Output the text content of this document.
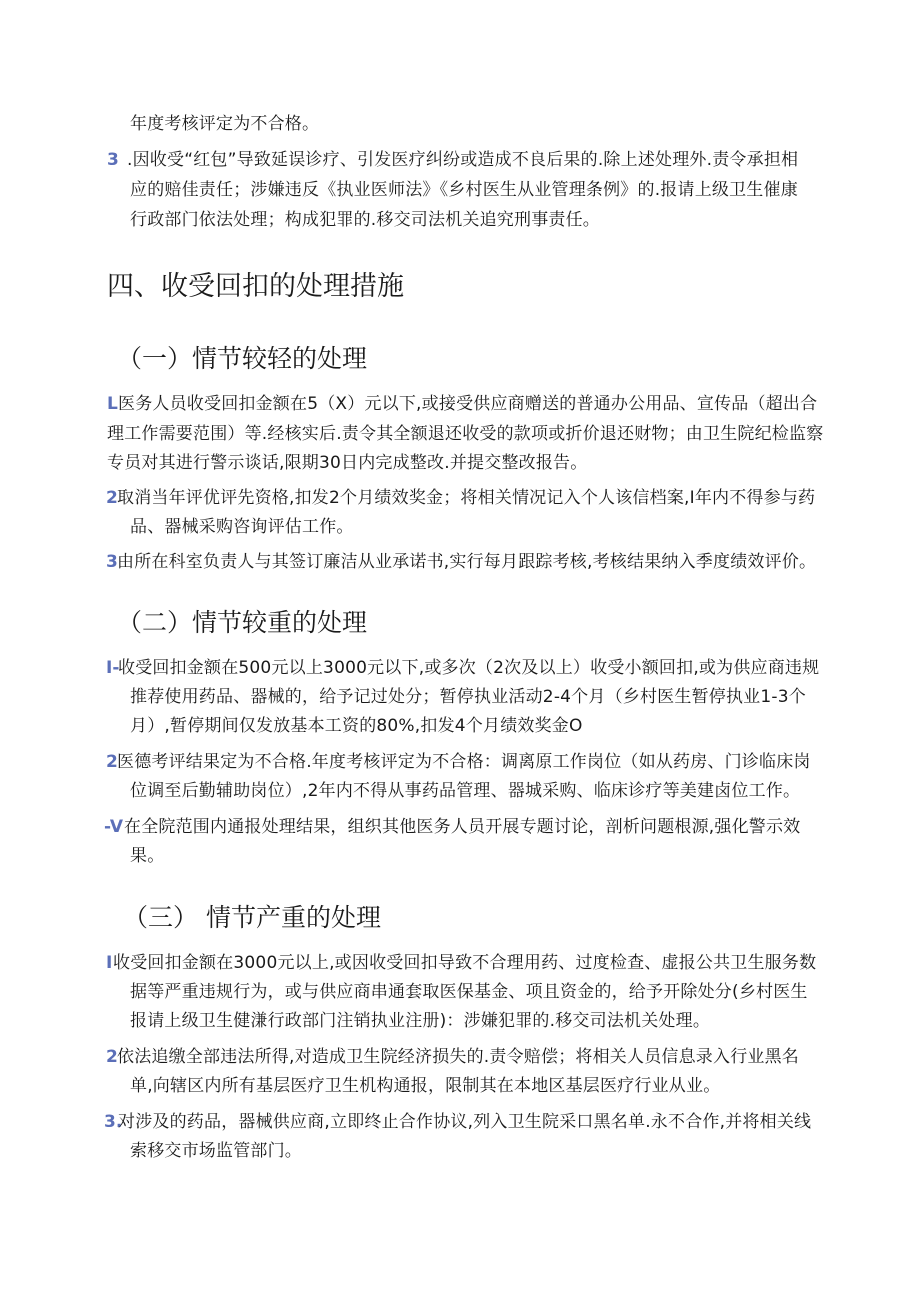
年度考核评定为不合格。
3 .因收受“红包”导致延误诊疗、引发医疗纠纷或造成不良后果的.除上述处理外.责令承担相
应的赔佳责任；涉嫌违反《执业医师法》《乡村医生从业管理条例》的.报请上级卫生催康
行政部门依法处理；构成犯罪的.移交司法机关追究刑事责任。
四、收受回扣的处理措施
（一）情节较轻的处理
L 医务人员收受回扣金额在5（X）元以下,或接受供应商赠送的普通办公用品、宣传品（超出合
理工作需要范围）等.经核实后.责令其全额退还收受的款项或折价退还财物；由卫生院纪检监察
专员对其进行警示谈话,限期30日内完成整改.并提交整改报告。
2 取消当年评优评先资格,扣发2个月绩效奖金；将相关情况记入个人该信档案,I年内不得参与药
品、器械采购咨询评估工作。
3 由所在科室负责人与其签订廉洁从业承诺书,实行每月跟踪考核,考核结果纳入季度绩效评价。
（二）情节较重的处理
I-
收受回扣金额在500元以上3000元以下,或多次（2次及以上）收受小额回扣,或为供应商违规
推荐使用药品、器械的，给予记过处分；暂停执业活动2-4个月（乡村医生暂停执业1-3个
月）,暂停期间仅发放基本工资的80%,扣发4个月绩效奖金O
2 医德考评结果定为不合格.年度考核评定为不合格：调离原工作岗位（如从药房、门诊临床岗
位调至后勤辅助岗位）,2年内不得从事药品管理、器城采购、临床诊疗等美建卤位工作。
-V 在全院范围内通报处理结果，组织其他医务人员开展专题讨论，剖析问题根源,强化警示效
果。
（三） 情节产重的处理
I 收受回扣金额在3000元以上,或因收受回扣导致不合理用药、过度检查、虚报公共卫生服务数
据等严重违规行为，或与供应商串通套取医保基金、项且资金的，给予开除处分(乡村医生
报请上级卫生健溓行政部门注销执业注册)：涉嫌犯罪的.移交司法机关处理。
2 依法追缴全部违法所得,对造成卫生院经济损失的.责令赔偿；将相关人员信息录入行业黑名
单,向辖区内所有基层医疗卫生机构通报，限制其在本地区基层医疗行业从业。
3.
对涉及的药品，器械供应商,立即终止合作协议,列入卫生院采口黑名单.永不合作,并将相关线
索移交市场监管部门。
